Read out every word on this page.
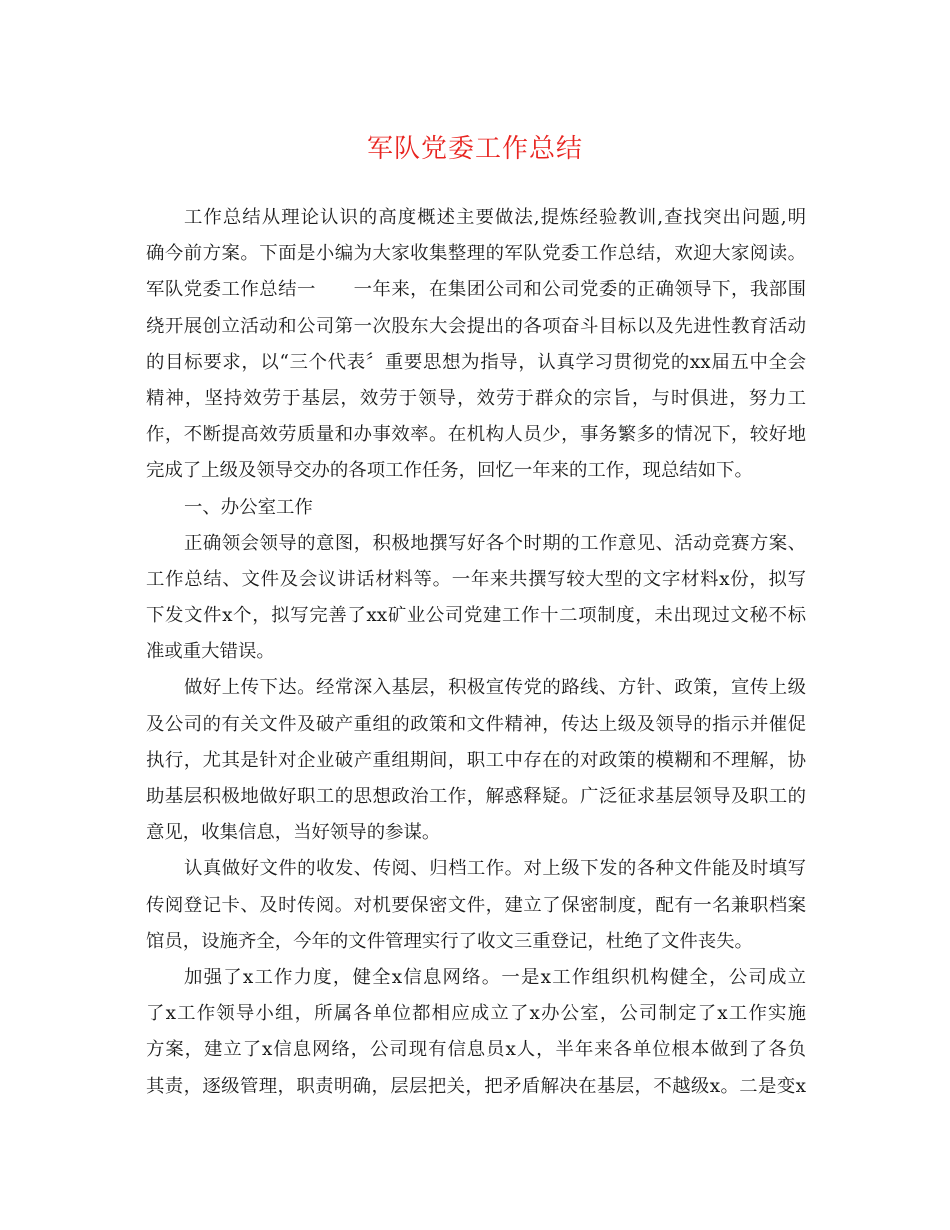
军队党委工作总结
工作总结从理论认识的高度概述主要做法,提炼经验教训,查找突出问题,明
确今前方案。下面是小编为大家收集整理的军队党委工作总结，欢迎大家阅读。
军队党委工作总结一　　一年来，在集团公司和公司党委的正确领导下，我部围
绕开展创立活动和公司第一次股东大会提出的各项奋斗目标以及先进性教育活动
的目标要求，以“三个代表〞重要思想为指导，认真学习贯彻党的xx届五中全会
精神，坚持效劳于基层，效劳于领导，效劳于群众的宗旨，与时俱进，努力工
作，不断提高效劳质量和办事效率。在机构人员少，事务繁多的情况下，较好地
完成了上级及领导交办的各项工作任务，回忆一年来的工作，现总结如下。
一、办公室工作
正确领会领导的意图，积极地撰写好各个时期的工作意见、活动竞赛方案、
工作总结、文件及会议讲话材料等。一年来共撰写较大型的文字材料x份，拟写
下发文件x个，拟写完善了xx矿业公司党建工作十二项制度，未出现过文秘不标
准或重大错误。
做好上传下达。经常深入基层，积极宣传党的路线、方针、政策，宣传上级
及公司的有关文件及破产重组的政策和文件精神，传达上级及领导的指示并催促
执行，尤其是针对企业破产重组期间，职工中存在的对政策的模糊和不理解，协
助基层积极地做好职工的思想政治工作，解惑释疑。广泛征求基层领导及职工的
意见，收集信息，当好领导的参谋。
认真做好文件的收发、传阅、归档工作。对上级下发的各种文件能及时填写
传阅登记卡、及时传阅。对机要保密文件，建立了保密制度，配有一名兼职档案
馆员，设施齐全，今年的文件管理实行了收文三重登记，杜绝了文件丧失。
加强了x工作力度，健全x信息网络。一是x工作组织机构健全，公司成立
了x工作领导小组，所属各单位都相应成立了x办公室，公司制定了x工作实施
方案，建立了x信息网络，公司现有信息员x人，半年来各单位根本做到了各负
其责，逐级管理，职责明确，层层把关，把矛盾解决在基层，不越级x。二是变x
